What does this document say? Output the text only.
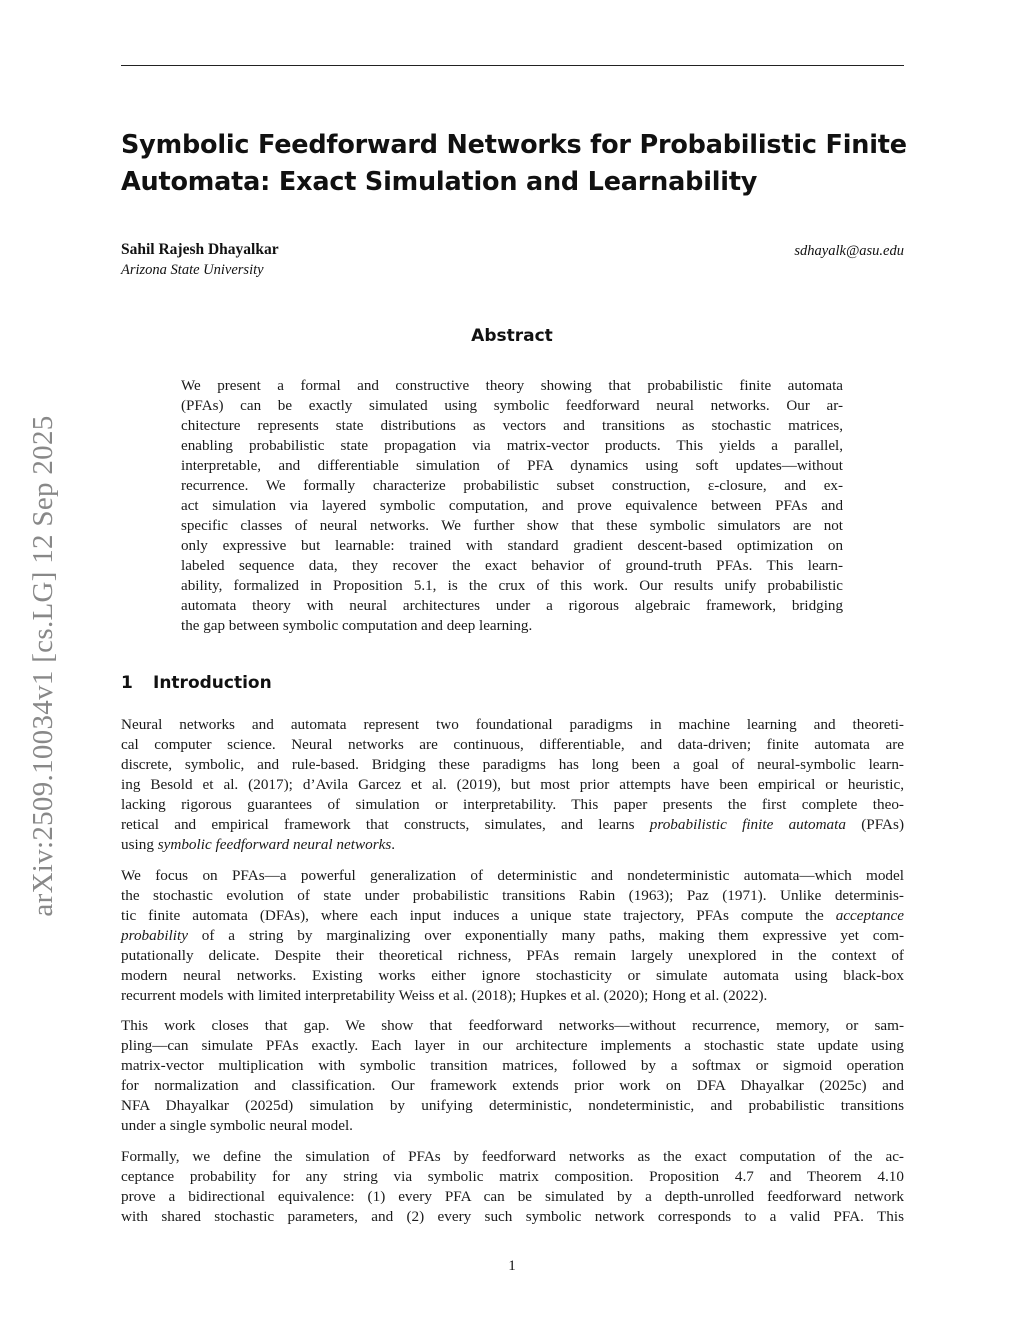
arXiv:2509.10034v1 [cs.LG] 12 Sep 2025
Symbolic Feedforward Networks for Probabilistic Finite
Automata: Exact Simulation and Learnability
Sahil Rajesh Dhayalkar
Arizona State University
sdhayalk@asu.edu
Abstract

We present a formal and constructive theory showing that probabilistic finite automata
(PFAs) can be exactly simulated using symbolic feedforward neural networks. Our ar-
chitecture represents state distributions as vectors and transitions as stochastic matrices,
enabling probabilistic state propagation via matrix-vector products. This yields a parallel,
interpretable, and differentiable simulation of PFA dynamics using soft updates—without
recurrence. We formally characterize probabilistic subset construction, ε-closure, and ex-
act simulation via layered symbolic computation, and prove equivalence between PFAs and
specific classes of neural networks. We further show that these symbolic simulators are not
only expressive but learnable: trained with standard gradient descent-based optimization on
labeled sequence data, they recover the exact behavior of ground-truth PFAs. This learn-
ability, formalized in Proposition 5.1, is the crux of this work. Our results unify probabilistic
automata theory with neural architectures under a rigorous algebraic framework, bridging
the gap between symbolic computation and deep learning.

1 Introduction

Neural networks and automata represent two foundational paradigms in machine learning and theoreti-
cal computer science. Neural networks are continuous, differentiable, and data-driven; finite automata are
discrete, symbolic, and rule-based. Bridging these paradigms has long been a goal of neural-symbolic learn-
ing Besold et al. (2017); d’Avila Garcez et al. (2019), but most prior attempts have been empirical or heuristic,
lacking rigorous guarantees of simulation or interpretability. This paper presents the first complete theo-
retical and empirical framework that constructs, simulates, and learns probabilistic finite automata (PFAs)
using symbolic feedforward neural networks.

We focus on PFAs—a powerful generalization of deterministic and nondeterministic automata—which model
the stochastic evolution of state under probabilistic transitions Rabin (1963); Paz (1971). Unlike determinis-
tic finite automata (DFAs), where each input induces a unique state trajectory, PFAs compute the acceptance
probability of a string by marginalizing over exponentially many paths, making them expressive yet com-
putationally delicate. Despite their theoretical richness, PFAs remain largely unexplored in the context of
modern neural networks. Existing works either ignore stochasticity or simulate automata using black-box
recurrent models with limited interpretability Weiss et al. (2018); Hupkes et al. (2020); Hong et al. (2022).

This work closes that gap. We show that feedforward networks—without recurrence, memory, or sam-
pling—can simulate PFAs exactly. Each layer in our architecture implements a stochastic state update using
matrix-vector multiplication with symbolic transition matrices, followed by a softmax or sigmoid operation
for normalization and classification. Our framework extends prior work on DFA Dhayalkar (2025c) and
NFA Dhayalkar (2025d) simulation by unifying deterministic, nondeterministic, and probabilistic transitions
under a single symbolic neural model.

Formally, we define the simulation of PFAs by feedforward networks as the exact computation of the ac-
ceptance probability for any string via symbolic matrix composition. Proposition 4.7 and Theorem 4.10
prove a bidirectional equivalence: (1) every PFA can be simulated by a depth-unrolled feedforward network
with shared stochastic parameters, and (2) every such symbolic network corresponds to a valid PFA. This

1
